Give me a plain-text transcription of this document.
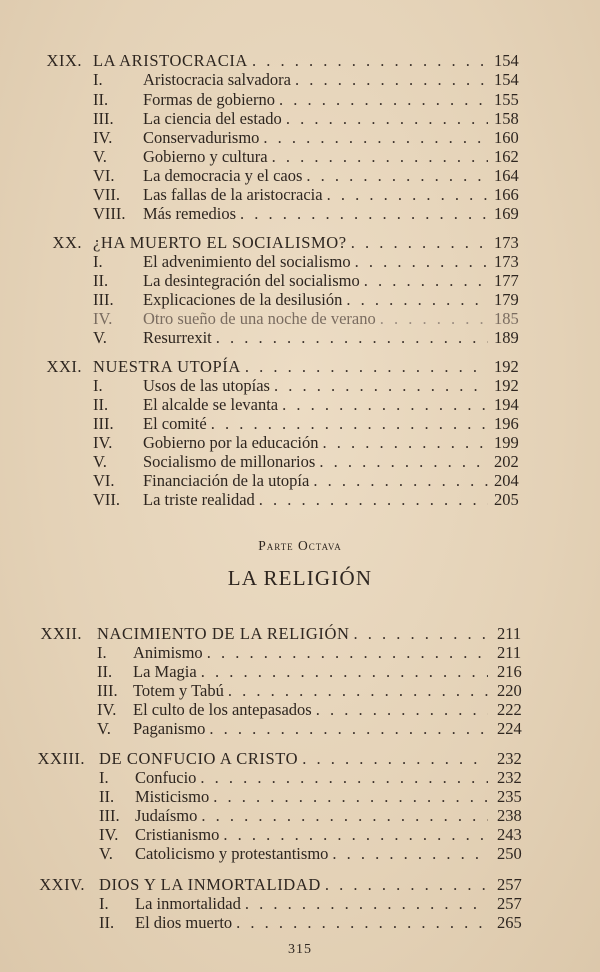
XIX. LA ARISTOCRACIA . . .	154
I.	Aristocracia salvadora . . .	154
II.	Formas de gobierno . . .	155
III.	La ciencia del estado . . .	158
IV.	Conservadurismo . . .	160
V.	Gobierno y cultura . . .	162
VI.	La democracia y el caos . . .	164
VII. Las fallas de la aristocracia . . .	166
VIII.	Más remedios . . .	169
XX. ¿HA MUERTO EL SOCIALISMO? . . .	173
I.	El advenimiento del socialismo . . .	173
II.	La desintegración del socialismo . . .	177
III.	Explicaciones de la desilusión . . .	179
IV.	Otro sueño de una noche de verano . . .	185
V.	Resurrexit . . .	189
XXI. NUESTRA UTOPÍA . . .	192
I.	Usos de las utopías . . .	192
II.	El alcalde se levanta . . .	194
III.	El comité . . .	196
IV.	Gobierno por la educación . . .	199
V.	Socialismo de millonarios . . .	202
VI.	Financiación de la utopía . . .	204
VII. La triste realidad . . .	205
Parte Octava
LA RELIGIÓN
XXII. NACIMIENTO DE LA RELIGIÓN . . .	211
I.	Animismo . . .	211
II.	La Magia . . .	216
III. Totem y Tabú . . .	220
IV.	El culto de los antepasados . . .	222
V.	Paganismo . . .	224
XXIII. DE CONFUCIO A CRISTO . . .	232
I.	Confucio . . .	232
II.	Misticismo . . .	235
III. Judaísmo . . .	238
IV.	Cristianismo . . .	243
V.	Catolicismo y protestantismo . . .	250
XXIV. DIOS Y LA INMORTALIDAD . . .	257
I.	La inmortalidad . . .	257
II.	El dios muerto . . .	265
315
